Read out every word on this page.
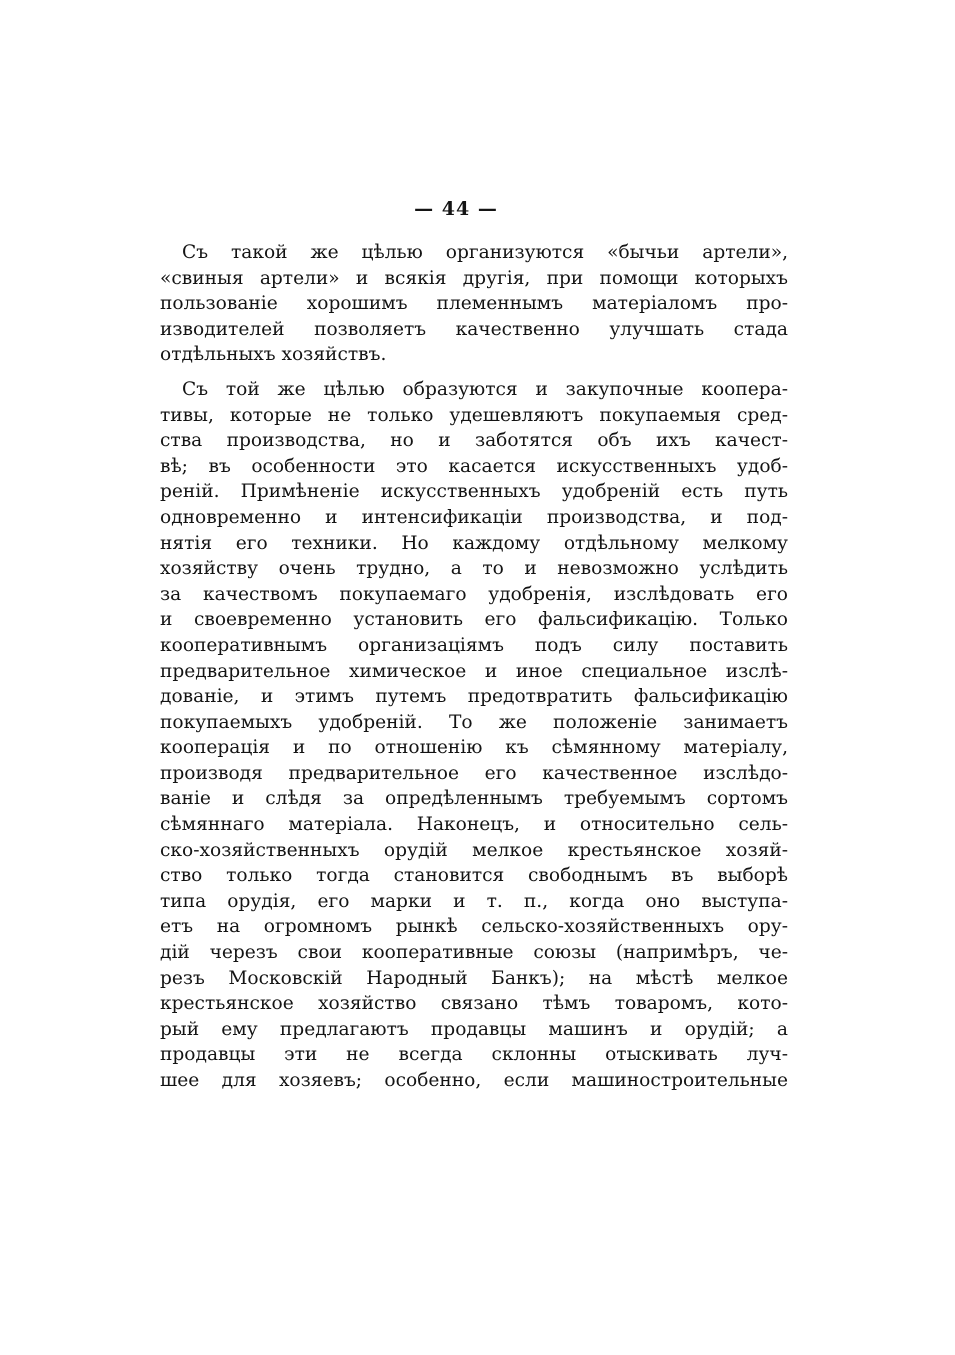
— 44 —
Съ такой же цѣлью организуются «бычьи артели»,
«свиныя артели» и всякія другія, при помощи которыхъ
пользованіе хорошимъ племеннымъ матеріаломъ про-
изводителей позволяетъ качественно улучшать стада
отдѣльныхъ хозяйствъ.
Съ той же цѣлью образуются и закупочные коопера-
тивы, которые не только удешевляютъ покупаемыя сред-
ства производства, но и заботятся объ ихъ качест-
вѣ; въ особенности это касается искусственныхъ удоб-
реній. Примѣненіе искусственныхъ удобреній есть путь
одновременно и интенсификаціи производства, и под-
нятія его техники. Но каждому отдѣльному мелкому
хозяйству очень трудно, а то и невозможно услѣдить
за качествомъ покупаемаго удобренія, изслѣдовать его
и своевременно установить его фальсификацію. Только
кооперативнымъ организаціямъ подъ силу поставить
предварительное химическое и иное специальное изслѣ-
дованіе, и этимъ путемъ предотвратить фальсификацію
покупаемыхъ удобреній. То же положеніе занимаетъ
кооперація и по отношенію къ сѣмянному матеріалу,
производя предварительное его качественное изслѣдо-
ваніе и слѣдя за опредѣленнымъ требуемымъ сортомъ
сѣмяннаго матеріала. Наконецъ, и относительно сель-
ско-хозяйственныхъ орудій мелкое крестьянское хозяй-
ство только тогда становится свободнымъ въ выборѣ
типа орудія, его марки и т. п., когда оно выступа-
етъ на огромномъ рынкѣ сельско-хозяйственныхъ ору-
дій черезъ свои кооперативные союзы (напримѣръ, че-
резъ Московскій Народный Банкъ); на мѣстѣ мелкое
крестьянское хозяйство связано тѣмъ товаромъ, кото-
рый ему предлагаютъ продавцы машинъ и орудій; а
продавцы эти не всегда склонны отыскивать луч-
шее для хозяевъ; особенно, если машиностроительные
